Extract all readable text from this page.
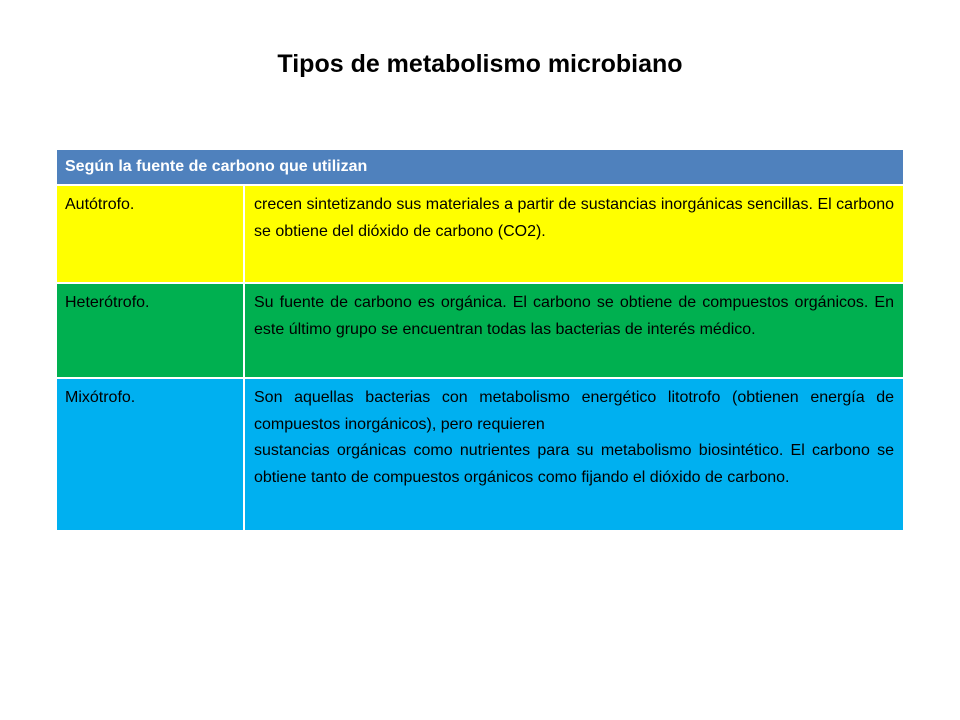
Tipos de metabolismo microbiano
Según la fuente de carbono que utilizan
Autótrofo.	crecen sintetizando sus materiales a partir de sustancias inorgánicas sencillas. El carbono se obtiene del dióxido de carbono (CO2).
Heterótrofo.	Su fuente de carbono es orgánica. El carbono se obtiene de compuestos orgánicos. En este último grupo se encuentran todas las bacterias de interés médico.
Mixótrofo.	Son aquellas bacterias con metabolismo energético litotrofo (obtienen energía de compuestos inorgánicos), pero requieren
sustancias orgánicas como nutrientes para su metabolismo biosintético. El carbono se obtiene tanto de compuestos orgánicos como fijando el dióxido de carbono.
